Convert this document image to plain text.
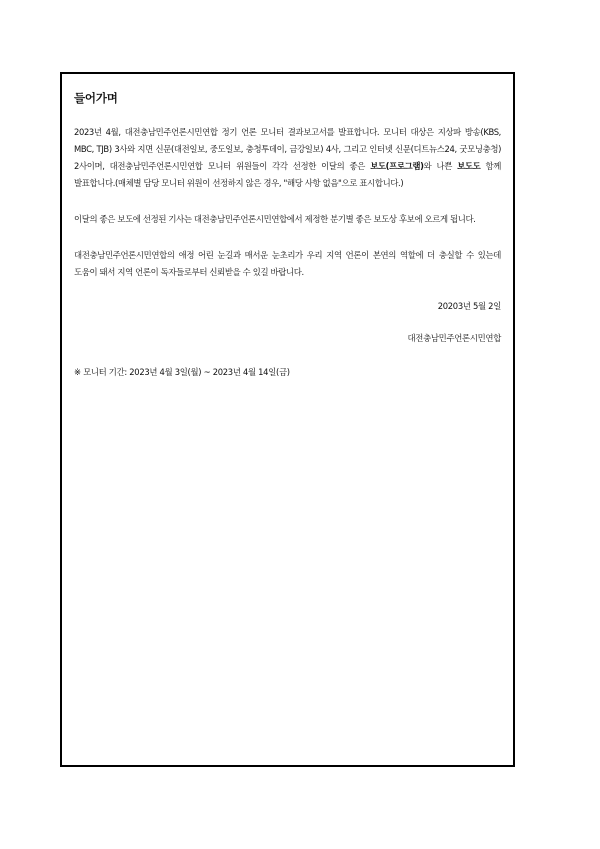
들어가며

2023년 4월, 대전충남민주언론시민연합 정기 언론 모니터 결과보고서를 발표합니다. 모니터 대상은 지상파 방송(KBS, MBC, TJB) 3사와 지면 신문(대전일보, 중도일보, 충청투데이, 금강일보) 4사, 그리고 인터넷 신문(디트뉴스24, 굿모닝충청) 2사이며, 대전충남민주언론시민연합 모니터 위원들이 각각 선정한 이달의 좋은 보도(프로그램)와 나쁜 보도도 함께 발표합니다.(매체별 담당 모니터 위원이 선정하지 않은 경우, "해당 사항 없음"으로 표시합니다.)

이달의 좋은 보도에 선정된 기사는 대전충남민주언론시민연합에서 제정한 분기별 좋은 보도상 후보에 오르게 됩니다.

대전충남민주언론시민연합의 애정 어린 눈길과 매서운 눈초리가 우리 지역 언론이 본연의 역할에 더 충실할 수 있는데 도움이 돼서 지역 언론이 독자들로부터 신뢰받을 수 있길 바랍니다.

20203년 5월 2일

대전충남민주언론시민연합

※ 모니터 기간: 2023년 4월 3일(월) ~ 2023년 4월 14일(금)
